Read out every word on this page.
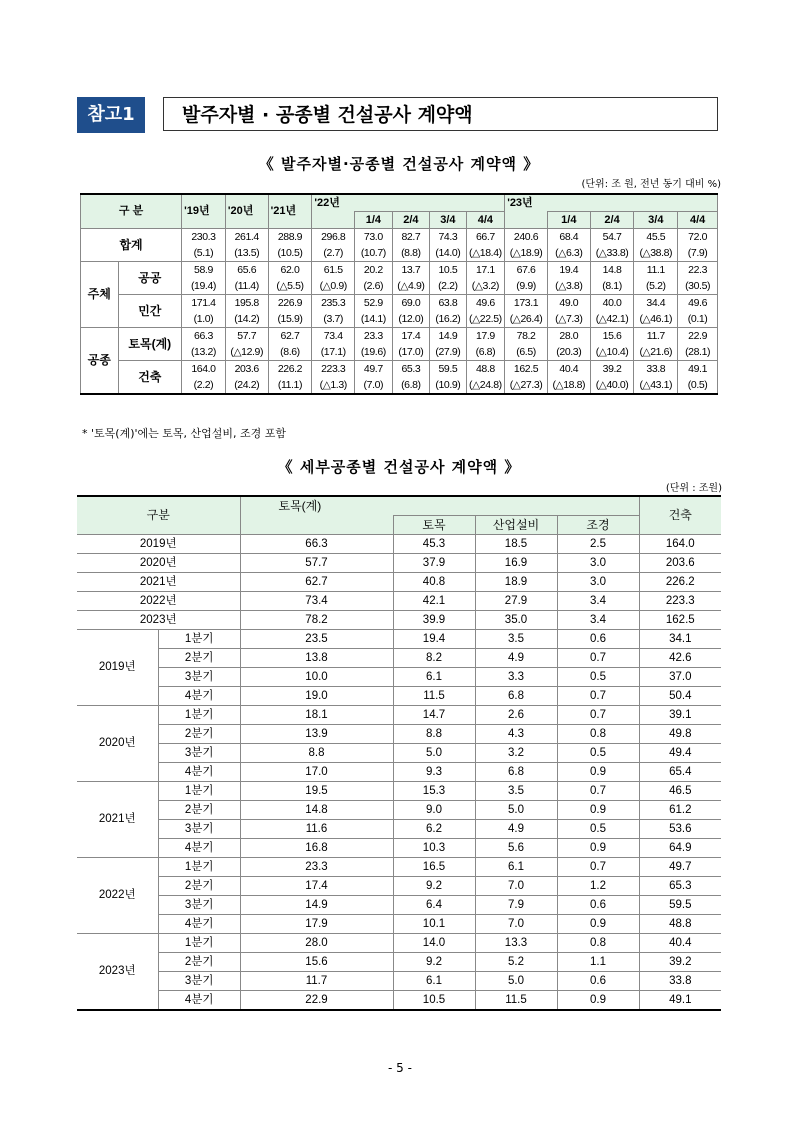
참고1	발주자별 · 공종별 건설공사 계약액
《 발주자별·공종별 건설공사 계약액 》
(단위: 조 원, 전년 동기 대비 %)
구 분		'19년	'20년	'21년	'22년					'23년				
						1/4	2/4	3/4	4/4		1/4	2/4	3/4	4/4
합계		230.3	261.4	288.9	296.8	73.0	82.7	74.3	66.7	240.6	68.4	54.7	45.5	72.0
		(5.1)	(13.5)	(10.5)	(2.7)	(10.7)	(8.8)	(14.0)	(△18.4)	(△18.9)	(△6.3)	(△33.8)	(△38.8)	(7.9)
주체	공공	58.9	65.6	62.0	61.5	20.2	13.7	10.5	17.1	67.6	19.4	14.8	11.1	22.3
		(19.4)	(11.4)	(△5.5)	(△0.9)	(2.6)	(△4.9)	(2.2)	(△3.2)	(9.9)	(△3.8)	(8.1)	(5.2)	(30.5)
	민간	171.4	195.8	226.9	235.3	52.9	69.0	63.8	49.6	173.1	49.0	40.0	34.4	49.6
		(1.0)	(14.2)	(15.9)	(3.7)	(14.1)	(12.0)	(16.2)	(△22.5)	(△26.4)	(△7.3)	(△42.1)	(△46.1)	(0.1)
공종	토목(계)	66.3	57.7	62.7	73.4	23.3	17.4	14.9	17.9	78.2	28.0	15.6	11.7	22.9
		(13.2)	(△12.9)	(8.6)	(17.1)	(19.6)	(17.0)	(27.9)	(6.8)	(6.5)	(20.3)	(△10.4)	(△21.6)	(28.1)
	건축	164.0	203.6	226.2	223.3	49.7	65.3	59.5	48.8	162.5	40.4	39.2	33.8	49.1
		(2.2)	(24.2)	(11.1)	(△1.3)	(7.0)	(6.8)	(10.9)	(△24.8)	(△27.3)	(△18.8)	(△40.0)	(△43.1)	(0.5)
* '토목(계)'에는 토목, 산업설비, 조경 포함
《 세부공종별 건설공사 계약액 》
(단위 : 조원)
구분		토목(계)				건축
			토목	산업설비	조경	
2019년		66.3	45.3	18.5	2.5	164.0
2020년		57.7	37.9	16.9	3.0	203.6
2021년		62.7	40.8	18.9	3.0	226.2
2022년		73.4	42.1	27.9	3.4	223.3
2023년		78.2	39.9	35.0	3.4	162.5
2019년	1분기	23.5	19.4	3.5	0.6	34.1
	2분기	13.8	8.2	4.9	0.7	42.6
	3분기	10.0	6.1	3.3	0.5	37.0
	4분기	19.0	11.5	6.8	0.7	50.4
2020년	1분기	18.1	14.7	2.6	0.7	39.1
	2분기	13.9	8.8	4.3	0.8	49.8
	3분기	8.8	5.0	3.2	0.5	49.4
	4분기	17.0	9.3	6.8	0.9	65.4
2021년	1분기	19.5	15.3	3.5	0.7	46.5
	2분기	14.8	9.0	5.0	0.9	61.2
	3분기	11.6	6.2	4.9	0.5	53.6
	4분기	16.8	10.3	5.6	0.9	64.9
2022년	1분기	23.3	16.5	6.1	0.7	49.7
	2분기	17.4	9.2	7.0	1.2	65.3
	3분기	14.9	6.4	7.9	0.6	59.5
	4분기	17.9	10.1	7.0	0.9	48.8
2023년	1분기	28.0	14.0	13.3	0.8	40.4
	2분기	15.6	9.2	5.2	1.1	39.2
	3분기	11.7	6.1	5.0	0.6	33.8
	4분기	22.9	10.5	11.5	0.9	49.1
- 5 -
